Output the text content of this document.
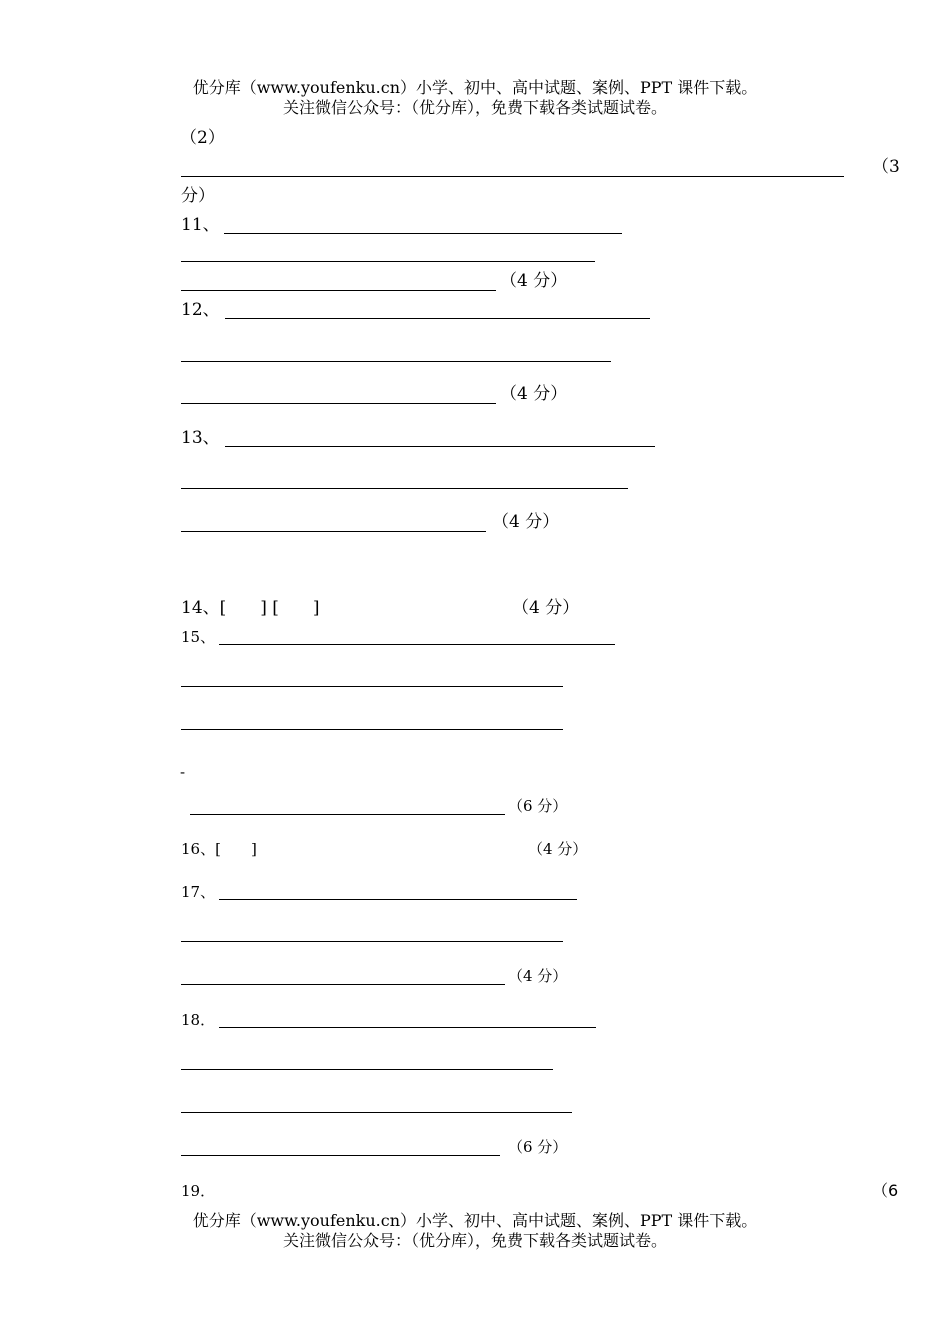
优分库（www.youfenku.cn）小学、初中、高中试题、案例、PPT 课件下载。
关注微信公众号：（优分库），免费下载各类试题试卷。
（2）
（3
分）
11、
（4 分）
12、
（4 分）
13、
（4 分）
14、[　　] [　　]	（4 分）
15、
-
（6 分）
16、[　　]	（4 分）
17、
（4 分）
18．
（6 分）
19．	（6
优分库（www.youfenku.cn）小学、初中、高中试题、案例、PPT 课件下载。
关注微信公众号：（优分库），免费下载各类试题试卷。
